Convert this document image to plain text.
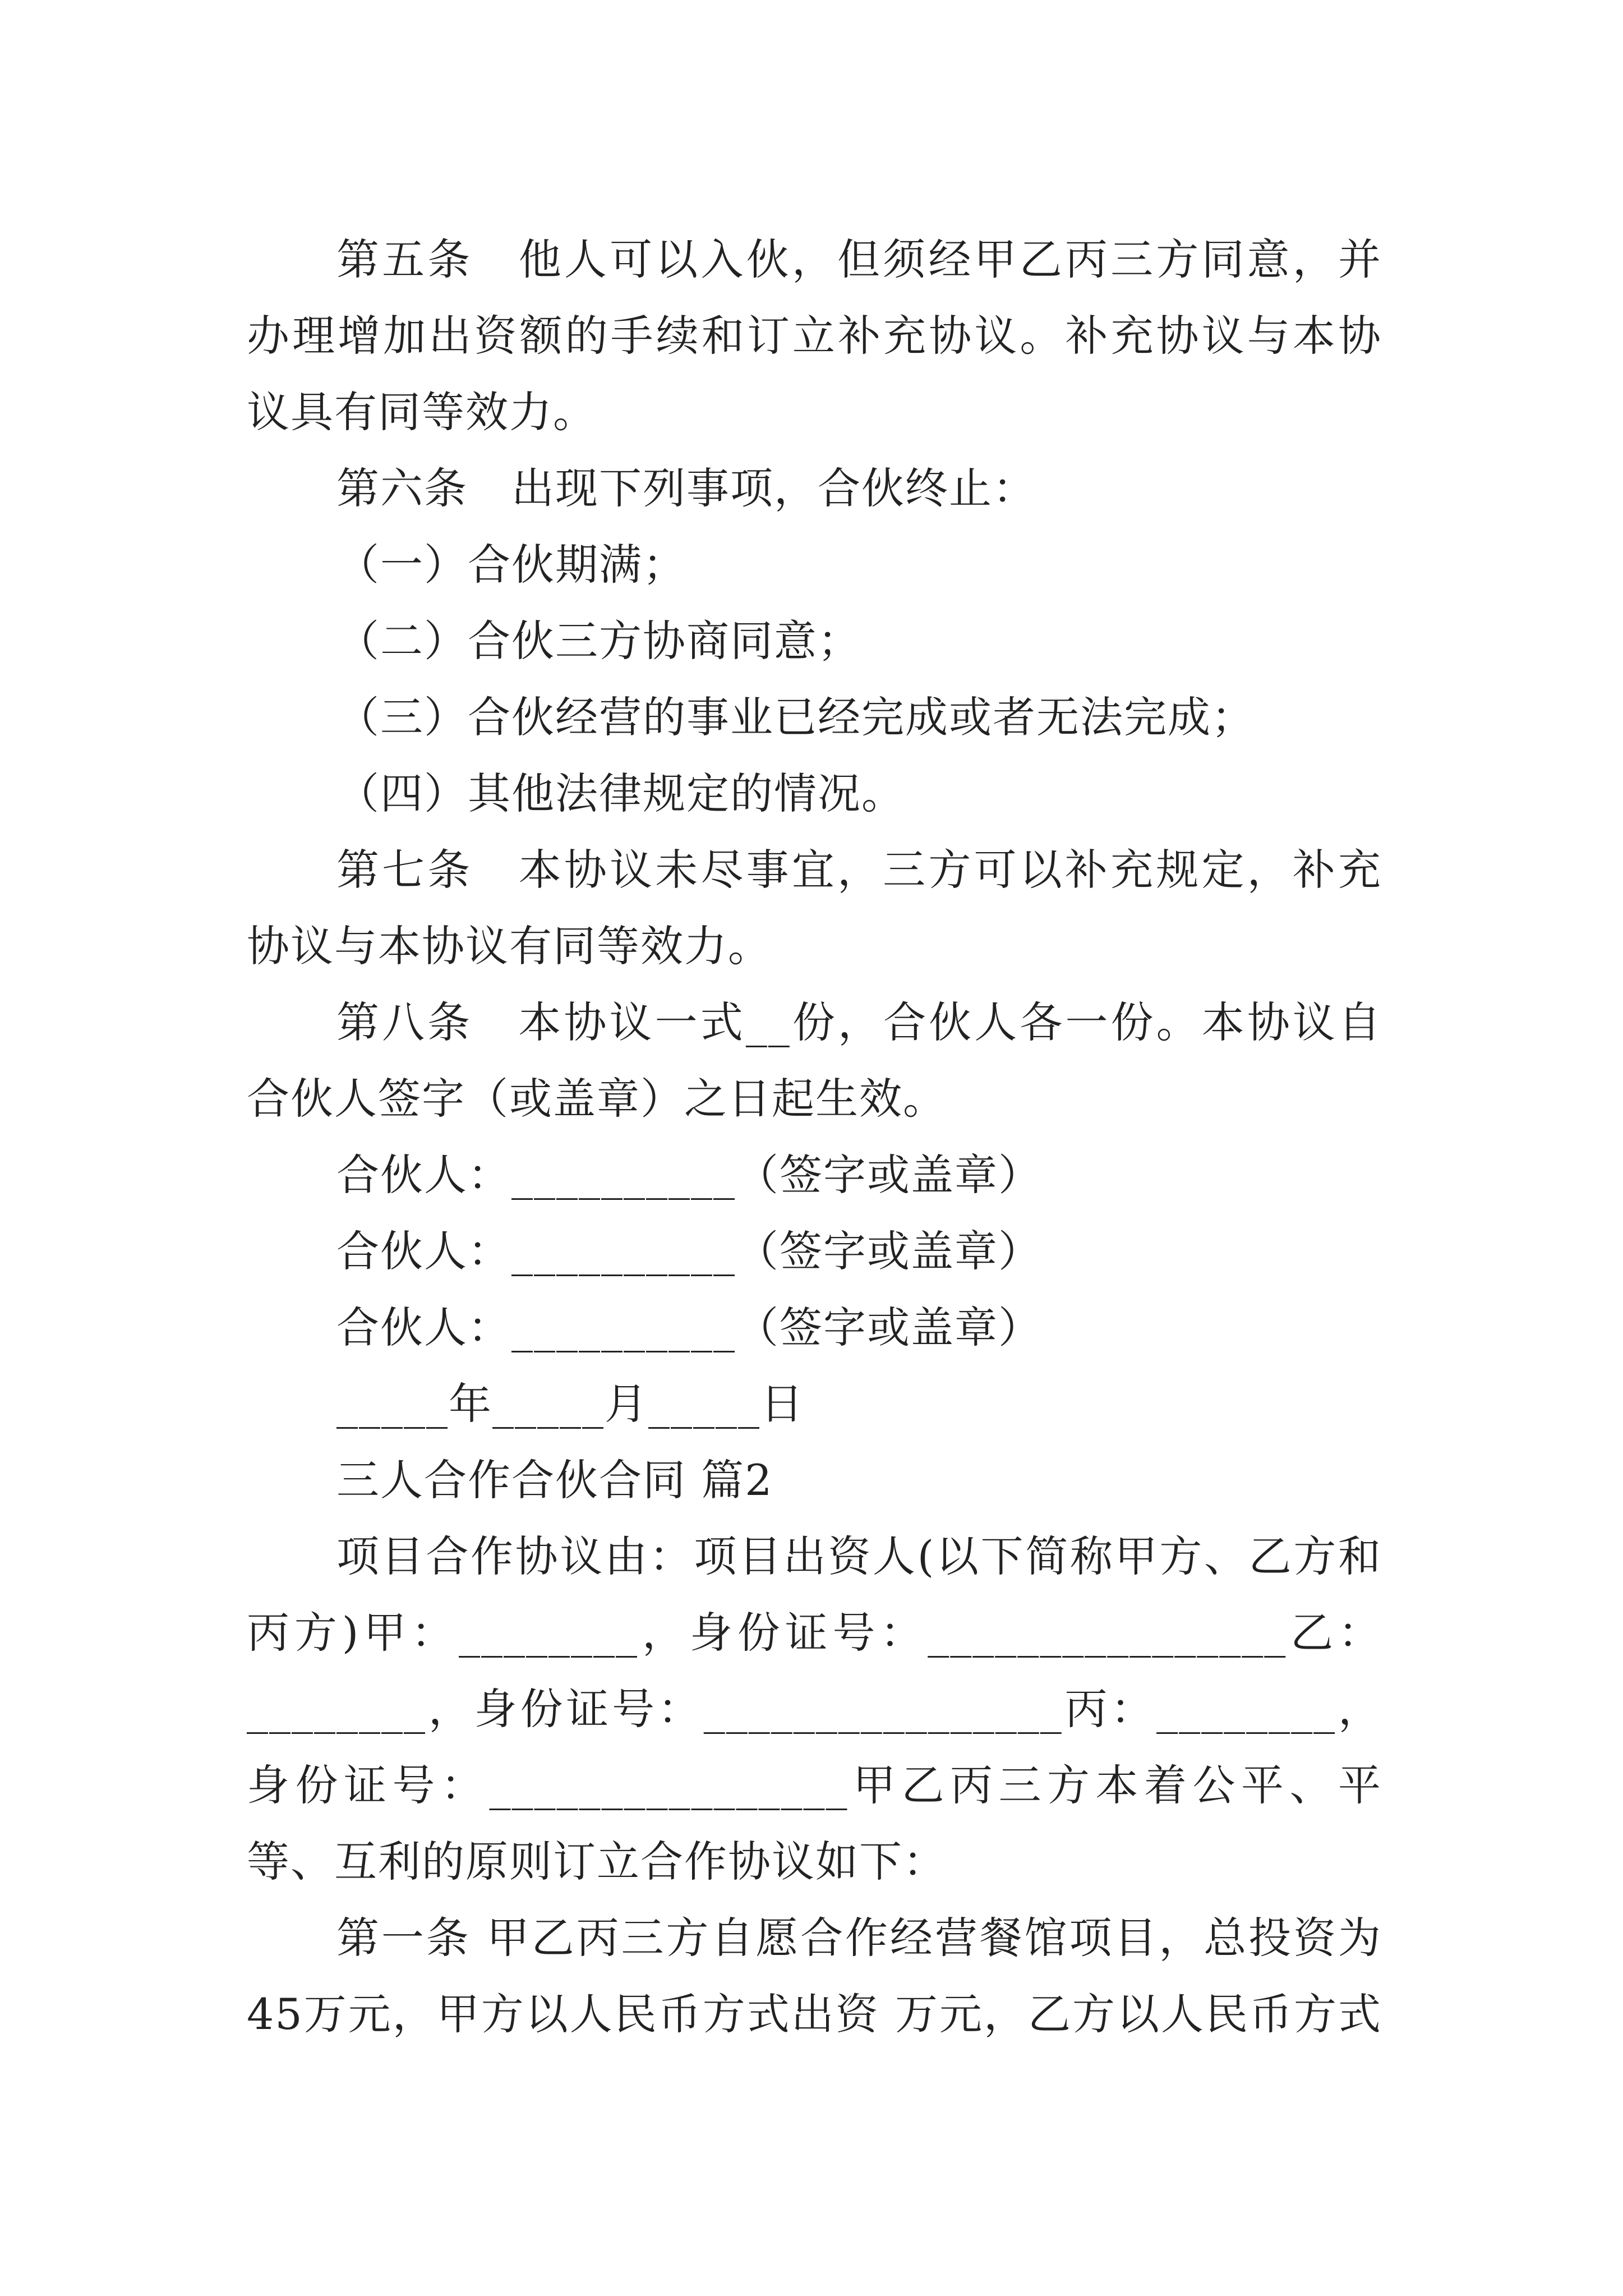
第五条　他人可以入伙，但须经甲乙丙三方同意，并办理增加出资额的手续和订立补充协议。补充协议与本协议具有同等效力。

第六条　出现下列事项，合伙终止：

（一）合伙期满；

（二）合伙三方协商同意；

（三）合伙经营的事业已经完成或者无法完成；

（四）其他法律规定的情况。

第七条　本协议未尽事宜，三方可以补充规定，补充协议与本协议有同等效力。

第八条　本协议一式__份，合伙人各一份。本协议自合伙人签字（或盖章）之日起生效。

合伙人：__________（签字或盖章）

合伙人：__________（签字或盖章）

合伙人：__________（签字或盖章）

_____年_____月_____日

三人合作合伙合同 篇2

项目合作协议由：项目出资人(以下简称甲方、乙方和丙方)甲：________，身份证号：________________乙：________，身份证号：________________丙：________，身份证号：________________甲乙丙三方本着公平、平等、互利的原则订立合作协议如下：

第一条 甲乙丙三方自愿合作经营餐馆项目，总投资为45万元，甲方以人民币方式出资 万元，乙方以人民币方式
